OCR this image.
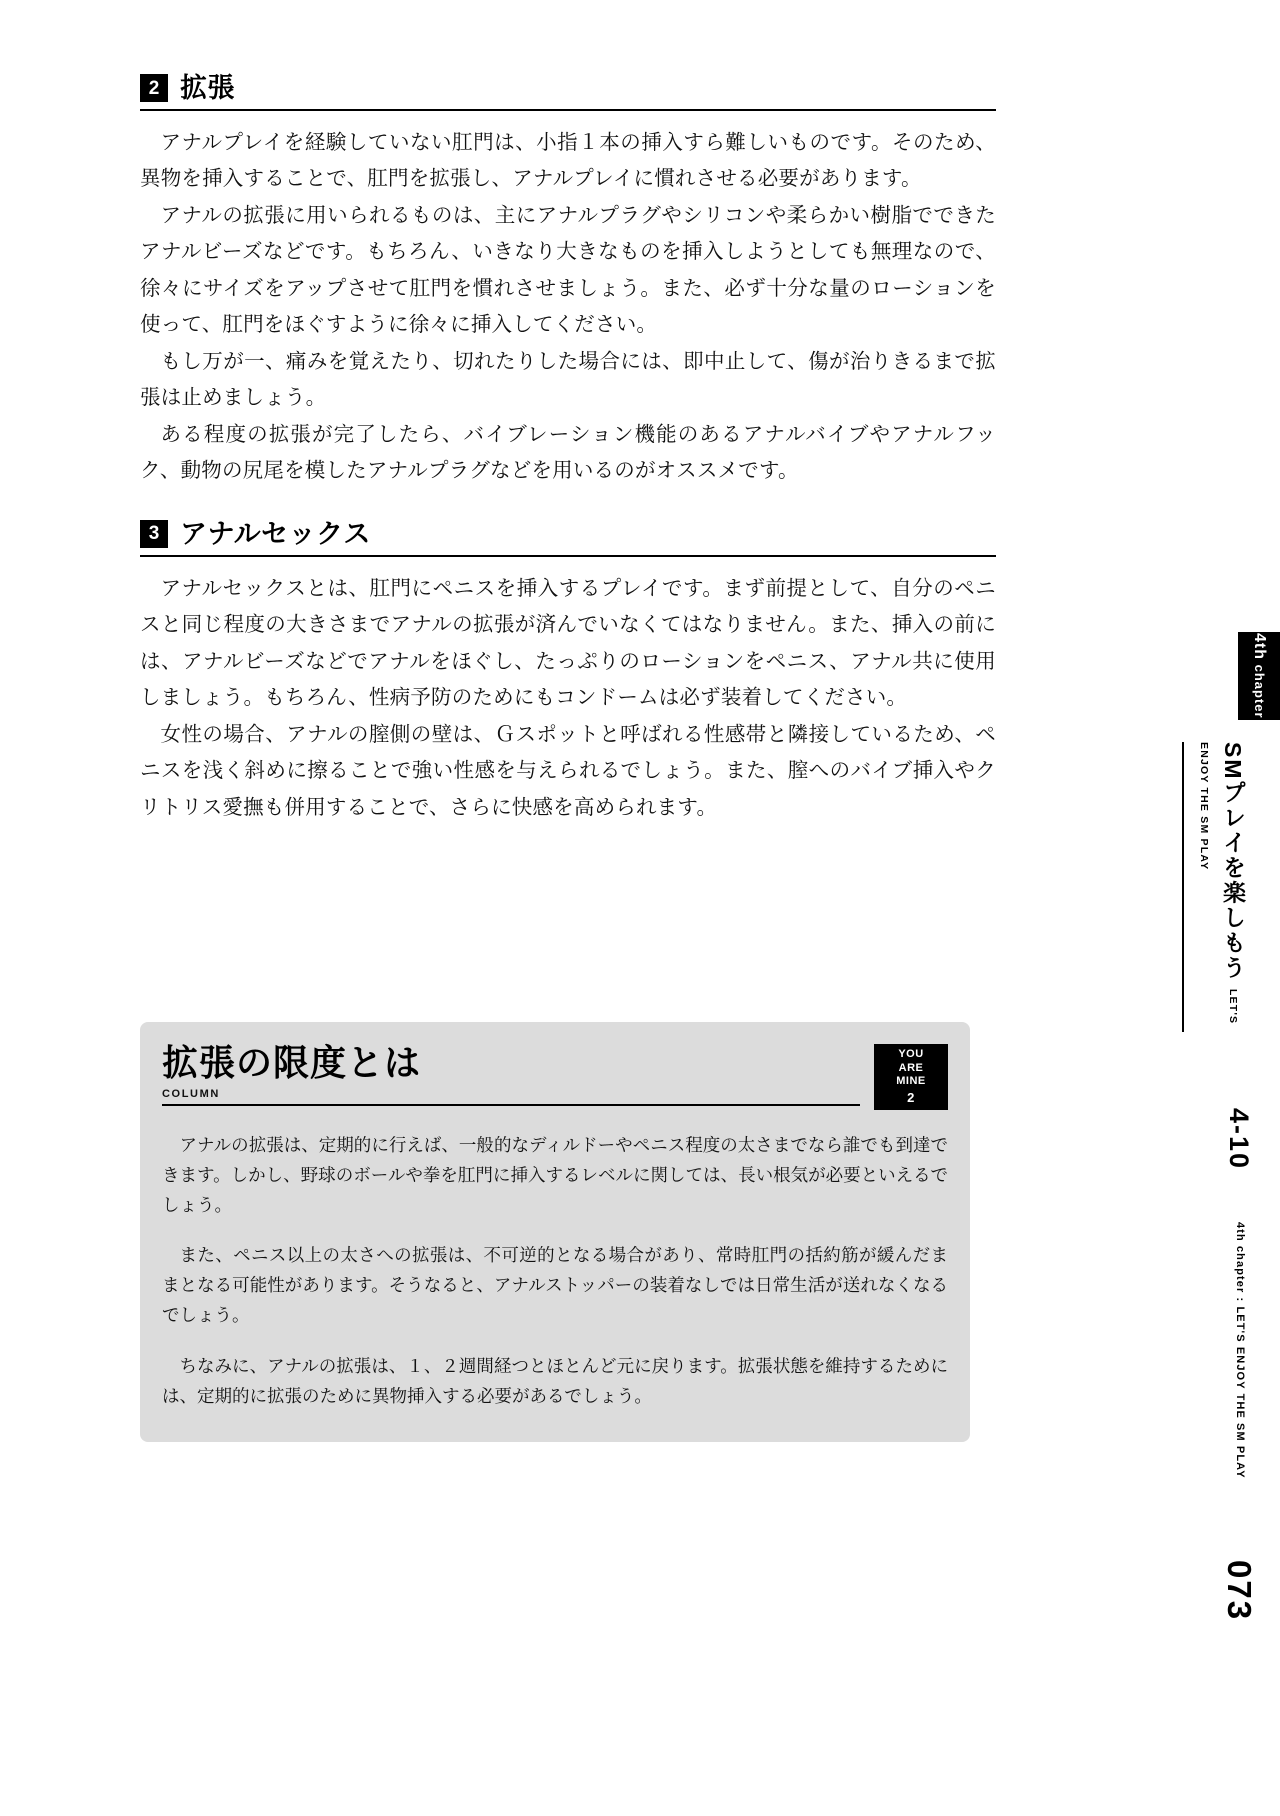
2 拡張

アナルプレイを経験していない肛門は、小指１本の挿入すら難しいものです。そのため、異物を挿入することで、肛門を拡張し、アナルプレイに慣れさせる必要があります。

アナルの拡張に用いられるものは、主にアナルプラグやシリコンや柔らかい樹脂でできたアナルビーズなどです。もちろん、いきなり大きなものを挿入しようとしても無理なので、徐々にサイズをアップさせて肛門を慣れさせましょう。また、必ず十分な量のローションを使って、肛門をほぐすように徐々に挿入してください。

もし万が一、痛みを覚えたり、切れたりした場合には、即中止して、傷が治りきるまで拡張は止めましょう。

ある程度の拡張が完了したら、バイブレーション機能のあるアナルバイブやアナルフック、動物の尻尾を模したアナルプラグなどを用いるのがオススメです。

3 アナルセックス

アナルセックスとは、肛門にペニスを挿入するプレイです。まず前提として、自分のペニスと同じ程度の大きさまでアナルの拡張が済んでいなくてはなりません。また、挿入の前には、アナルビーズなどでアナルをほぐし、たっぷりのローションをペニス、アナル共に使用しましょう。もちろん、性病予防のためにもコンドームは必ず装着してください。

女性の場合、アナルの膣側の壁は、Ｇスポットと呼ばれる性感帯と隣接しているため、ペニスを浅く斜めに擦ることで強い性感を与えられるでしょう。また、膣へのバイブ挿入やクリトリス愛撫も併用することで、さらに快感を高められます。

拡張の限度とは
COLUMN
YOU
ARE
MINE
2

アナルの拡張は、定期的に行えば、一般的なディルドーやペニス程度の太さまでなら誰でも到達できます。しかし、野球のボールや拳を肛門に挿入するレベルに関しては、長い根気が必要といえるでしょう。

また、ペニス以上の太さへの拡張は、不可逆的となる場合があり、常時肛門の括約筋が緩んだままとなる可能性があります。そうなると、アナルストッパーの装着なしでは日常生活が送れなくなるでしょう。

ちなみに、アナルの拡張は、１、２週間経つとほとんど元に戻ります。拡張状態を維持するためには、定期的に拡張のために異物挿入する必要があるでしょう。

4th chapter
SMプレイを楽しもう LET'S ENJOY THE SM PLAY
4-10
4th chapter : LET'S ENJOY THE SM PLAY
073
